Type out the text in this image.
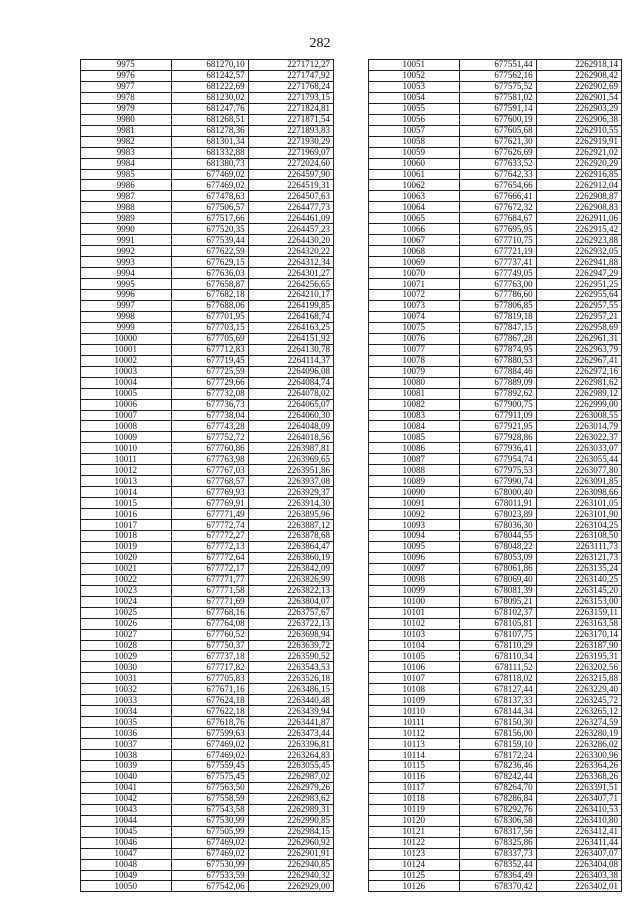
282
9975	681270,10	2271712,27
9976	681242,57	2271747,92
9977	681222,69	2271768,24
9978	681230,02	2271793,15
9979	681247,76	2271824,81
9980	681268,51	2271871,54
9981	681278,36	2271893,83
9982	681301,34	2271930,29
9983	681332,88	2271969,07
9984	681380,73	2272024,60
9985	677469,02	2264597,90
9986	677469,02	2264519,31
9987	677478,63	2264507,63
9988	677506,57	2264477,73
9989	677517,66	2264461,09
9990	677520,35	2264457,23
9991	677539,44	2264430,20
9992	677622,59	2264320,22
9993	677629,15	2264312,34
9994	677636,03	2264301,27
9995	677658,87	2264256,65
9996	677682,18	2264210,17
9997	677688,06	2264199,85
9998	677701,95	2264168,74
9999	677703,15	2264163,25
10000	677705,69	2264151,92
10001	677712,83	2264130,78
10002	677719,45	2264114,37
10003	677725,59	2264096,08
10004	677729,66	2264084,74
10005	677732,08	2264078,02
10006	677736,73	2264065,07
10007	677738,04	2264060,30
10008	677743,28	2264048,09
10009	677752,72	2264018,56
10010	677760,86	2263987,81
10011	677763,98	2263969,65
10012	677767,03	2263951,86
10013	677768,57	2263937,08
10014	677769,93	2263929,37
10015	677769,91	2263914,30
10016	677771,49	2263895,96
10017	677772,74	2263887,12
10018	677772,27	2263878,68
10019	677772,13	2263864,47
10020	677772,64	2263860,19
10021	677772,17	2263842,09
10022	677771,77	2263826,99
10023	677771,58	2263822,13
10024	677771,69	2263804,07
10025	677768,16	2263757,67
10026	677764,08	2263722,13
10027	677760,52	2263698,94
10028	677750,37	2263639,72
10029	677737,18	2263590,52
10030	677717,82	2263543,53
10031	677705,83	2263526,18
10032	677671,16	2263486,15
10033	677624,18	2263440,48
10034	677622,18	2263439,94
10035	677618,76	2263441,87
10036	677599,63	2263473,44
10037	677469,02	2263396,81
10038	677469,02	2263264,83
10039	677559,45	2263055,45
10040	677575,45	2262987,02
10041	677563,50	2262979,26
10042	677558,59	2262983,62
10043	677543,58	2262989,31
10044	677530,99	2262990,85
10045	677505,99	2262984,15
10046	677469,02	2262960,92
10047	677469,02	2262901,91
10048	677530,99	2262940,85
10049	677533,59	2262940,32
10050	677542,06	2262929,00
10051	677551,44	2262918,14
10052	677562,16	2262908,42
10053	677575,52	2262902,69
10054	677581,02	2262901,54
10055	677591,14	2262903,29
10056	677600,19	2262906,38
10057	677605,68	2262910,55
10058	677621,30	2262919,91
10059	677626,69	2262921,02
10060	677633,52	2262920,29
10061	677642,33	2262916,85
10062	677654,66	2262912,04
10063	677666,41	2262908,87
10064	677672,32	2262908,83
10065	677684,67	2262911,06
10066	677695,95	2262915,42
10067	677710,75	2262923,88
10068	677721,19	2262932,05
10069	677737,41	2262941,88
10070	677749,05	2262947,29
10071	677763,00	2262951,25
10072	677786,60	2262955,64
10073	677806,85	2262957,55
10074	677819,18	2262957,21
10075	677847,15	2262958,69
10076	677867,28	2262961,31
10077	677874,95	2262963,79
10078	677880,53	2262967,41
10079	677884,46	2262972,16
10080	677889,09	2262981,62
10081	677892,62	2262989,12
10082	677900,75	2262999,00
10083	677911,09	2263008,55
10084	677921,95	2263014,79
10085	677928,86	2263022,37
10086	677936,41	2263033,07
10087	677954,74	2263055,44
10088	677975,53	2263077,80
10089	677990,74	2263091,85
10090	678000,40	2263098,66
10091	678011,91	2263101,05
10092	678023,89	2263101,90
10093	678036,30	2263104,25
10094	678044,55	2263108,50
10095	678048,22	2263111,73
10096	678053,09	2263121,73
10097	678061,86	2263135,24
10098	678069,40	2263140,25
10099	678081,39	2263145,20
10100	678095,21	2263153,00
10101	678102,37	2263159,11
10102	678105,81	2263163,58
10103	678107,75	2263170,14
10104	678110,29	2263187,90
10105	678110,34	2263195,31
10106	678111,52	2263202,56
10107	678118,02	2263215,88
10108	678127,44	2263229,40
10109	678137,33	2263245,72
10110	678144,34	2263265,12
10111	678150,30	2263274,59
10112	678156,00	2263280,19
10113	678159,10	2263286,02
10114	678172,24	2263300,96
10115	678236,46	2263364,26
10116	678242,44	2263368,26
10117	678264,70	2263391,51
10118	678286,84	2263407,71
10119	678292,76	2263410,53
10120	678306,58	2263410,80
10121	678317,56	2263412,41
10122	678325,86	2263411,44
10123	678337,73	2263407,07
10124	678352,44	2263404,08
10125	678364,49	2263403,38
10126	678370,42	2263402,01
